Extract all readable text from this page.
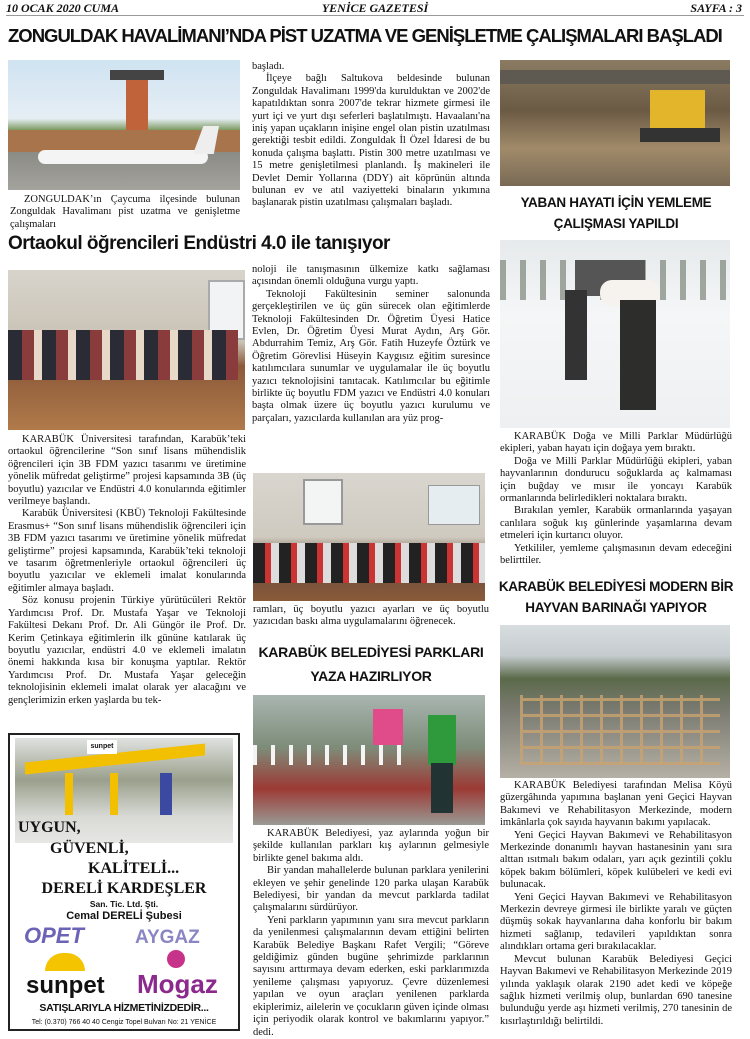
10 OCAK 2020 CUMA	YENİCE GAZETESİ	SAYFA : 3
ZONGULDAK HAVALİMANI’NDA PİST UZATMA VE GENİŞLETME ÇALIŞMALARI BAŞLADI
ZONGULDAK’ın Çaycuma ilçesinde bulunan Zonguldak Havalimanı pist uzatma ve genişletme çalışmaları
başladı.

İlçeye bağlı Saltukova beldesinde bulunan Zonguldak Havalimanı 1999'da kurulduktan ve 2002'de kapatıldıktan sonra 2007'de tekrar hizmete girmesi ile yurt içi ve yurt dışı seferleri başlatılmıştı. Havaalanı'na iniş yapan uçakların inişine engel olan pistin uzatılması gerektiği tesbit edildi. Zonguldak İl Özel İdaresi de bu konuda çalışma başlattı. Pistin 300 metre uzatılması ve 15 metre genişletilmesi planlandı. İş makineleri ile Devlet Demir Yollarına (DDY) ait köprünün altında bulunan ev ve atıl vaziyetteki binaların yıkımına başlanarak pistin uzatılması çalışmaları başladı.	YABAN HAYATI İÇİN YEMLEME ÇALIŞMASI YAPILDI
Ortaokul öğrencileri Endüstri 4.0 ile tanışıyor

KARABÜK Üniversitesi tarafından, Karabük’teki ortaokul öğrencilerine “Son sınıf lisans mühendislik öğrencileri için 3B FDM yazıcı tasarımı ve üretimine yönelik müfredat geliştirme” projesi kapsamında 3B (üç boyutlu) yazıcılar ve Endüstri 4.0 konularında eğitimler verilmeye başlandı.

Karabük Üniversitesi (KBÜ) Teknoloji Fakültesinde Erasmus+ “Son sınıf lisans mühendislik öğrencileri için 3B FDM yazıcı tasarımı ve üretimine yönelik müfredat geliştirme” projesi kapsamında, Karabük’teki teknoloji ve tasarım öğretmenleriyle ortaokul öğrencileri üç boyutlu yazıcılar ve eklemeli imalat konularında eğitimler almaya başladı.

Söz konusu projenin Türkiye yürütücüleri Rektör Yardımcısı Prof. Dr. Mustafa Yaşar ve Teknoloji Fakültesi Dekanı Prof. Dr. Ali Güngör ile Prof. Dr. Kerim Çetinkaya eğitimlerin ilk gününe katılarak üç boyutlu yazıcılar, endüstri 4.0 ve eklemeli imalatın önemi hakkında kısa bir konuşma yaptılar. Rektör Yardımcısı Prof. Dr. Mustafa Yaşar geleceğin teknolojisinin eklemeli imalat olarak yer alacağını ve gençlerimizin erken yaşlarda bu tek-

noloji ile tanışmasının ülkemize katkı sağlaması açısından önemli olduğuna vurgu yaptı.

Teknoloji Fakültesinin seminer salonunda gerçekleştirilen ve üç gün sürecek olan eğitimlerde Teknoloji Fakültesinden Dr. Öğretim Üyesi Hatice Evlen, Dr. Öğretim Üyesi Murat Aydın, Arş Gör. Abdurrahim Temiz, Arş Gör. Fatih Huzeyfe Öztürk ve Öğretim Görevlisi Hüseyin Kaygısız eğitim suresince katılımcılara sunumlar ve uygulamalar ile üç boyutlu yazıcı teknolojisini tanıtacak. Katılımcılar bu eğitimle birlikte üç boyutlu FDM yazıcı ve Endüstri 4.0 konuları başta olmak üzere üç boyutlu yazıcı kurulumu ve parçaları, yazıcılarda kullanılan ara yüz prog-

ramları, üç boyutlu yazıcı ayarları ve üç boyutlu yazıcıdan baskı alma uygulamalarını öğrenecek.
KARABÜK BELEDİYESİ PARKLARI YAZA HAZIRLIYOR

KARABÜK Belediyesi, yaz aylarında yoğun bir şekilde kullanılan parkları kış aylarının gelmesiyle birlikte genel bakıma aldı.

Bir yandan mahallelerde bulunan parklara yenilerini ekleyen ve şehir genelinde 120 parka ulaşan Karabük Belediyesi, bir yandan da mevcut parklarda tadilat çalışmalarını sürdürüyor.

Yeni parkların yapımının yanı sıra mevcut parkların da yenilenmesi çalışmalarının devam ettiğini belirten Karabük Belediye Başkanı Rafet Vergili; “Göreve geldiğimiz günden bugüne şehrimizde parklarının sayısını arttırmaya devam ederken, eski parklarımızda yenileme çalışması yapıyoruz. Çevre düzenlemesi yapılan ve oyun araçları yenilenen parklarda ekiplerimiz, ailelerin ve çocukların güven içinde olması için periyodik olarak kontrol ve bakımlarını yapıyor.” dedi.

KARABÜK Doğa ve Milli Parklar Müdürlüğü ekipleri, yaban hayatı için doğaya yem bıraktı.

Doğa ve Milli Parklar Müdürlüğü ekipleri, yaban hayvanlarının dondurucu soğuklarda aç kalmaması için buğday ve mısır ile yoncayı Karabük ormanlarında belirledikleri noktalara bıraktı.

Bırakılan yemler, Karabük ormanlarında yaşayan canlılara soğuk kış günlerinde yaşamlarına devam etmeleri için kurtarıcı oluyor.

Yetkililer, yemleme çalışmasının devam edeceğini belirttiler.

KARABÜK BELEDİYESİ MODERN BİR HAYVAN BARINAĞI YAPIYOR

KARABÜK Belediyesi tarafından Melisa Köyü güzergâhında yapımına başlanan yeni Geçici Hayvan Bakımevi ve Rehabilitasyon Merkezinde, modern imkânlarla çok sayıda hayvanın bakımı yapılacak.

Yeni Geçici Hayvan Bakımevi ve Rehabilitasyon Merkezinde donanımlı hayvan hastanesinin yanı sıra alttan ısıtmalı bakım odaları, yarı açık gezintili çoklu köpek bakım bölümleri, köpek kulübeleri ve kedi evi bulunacak.

Yeni Geçici Hayvan Bakımevi ve Rehabilitasyon Merkezin devreye girmesi ile birlikte yaralı ve güçten düşmüş sokak hayvanlarına daha konforlu bir bakım hizmeti sağlanıp, tedavileri yapıldıktan sonra alındıkları ortama geri bırakılacaklar.

Mevcut bulunan Karabük Belediyesi Geçici Hayvan Bakımevi ve Rehabilitasyon Merkezinde 2019 yılında yaklaşık olarak 2190 adet kedi ve köpeğe sağlık hizmeti verilmiş olup, bunlardan 690 tanesine bulunduğu yerde aşı hizmeti verilmiş, 270 tanesinin de kısırlaştırıldığı belirtildi.

sunpet
UYGUN,
GÜVENLİ,
KALİTELİ...
DERELİ KARDEŞLER
San. Tic. Ltd. Şti.
Cemal DERELİ Şubesi
OPET	AYGAZ
sunpet Mogaz
SATIŞLARIYLA HİZMETİNİZDEDİR...
Tel: (0.370) 766 40 40 Cengiz Topel Bulvarı No: 21 YENİCE
